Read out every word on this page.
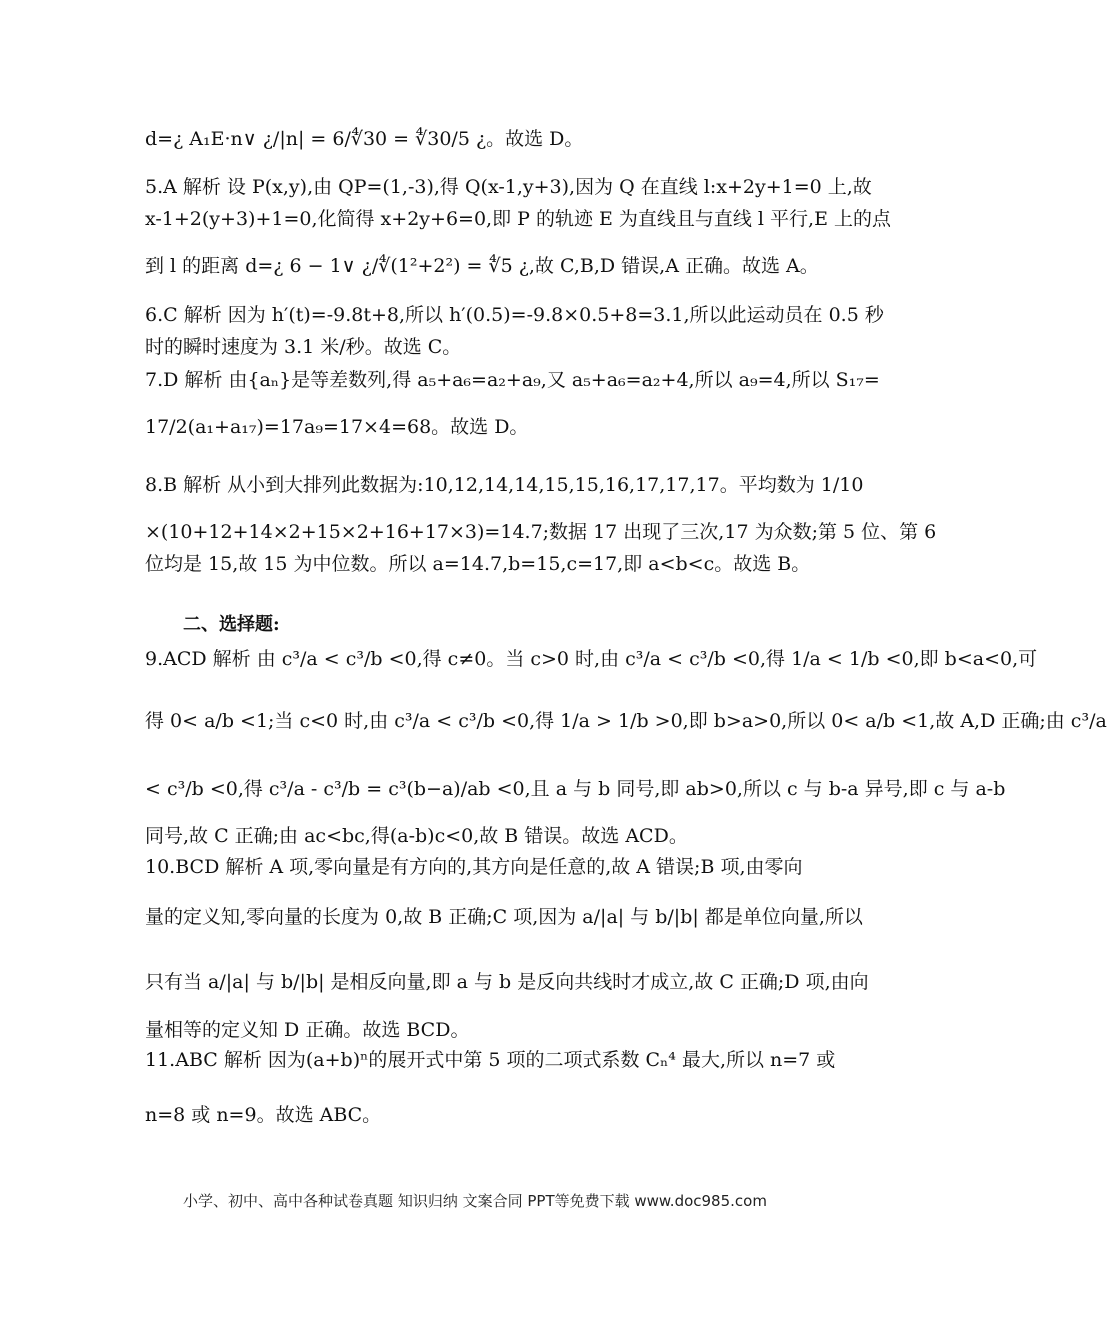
d=¿ A₁E·n∨ ¿/|n| = 6/∜30 = ∜30/5 ¿。故选 D。
5.A 解析 设 P(x,y),由 QP=(1,-3),得 Q(x-1,y+3),因为 Q 在直线 l:x+2y+1=0 上,故
x-1+2(y+3)+1=0,化简得 x+2y+6=0,即 P 的轨迹 E 为直线且与直线 l 平行,E 上的点
到 l 的距离 d=¿ 6 − 1∨ ¿/∜(1²+2²) = ∜5 ¿,故 C,B,D 错误,A 正确。故选 A。
6.C 解析 因为 h′(t)=-9.8t+8,所以 h′(0.5)=-9.8×0.5+8=3.1,所以此运动员在 0.5 秒
时的瞬时速度为 3.1 米/秒。故选 C。
7.D 解析 由{aₙ}是等差数列,得 a₅+a₆=a₂+a₉,又 a₅+a₆=a₂+4,所以 a₉=4,所以 S₁₇=
17/2(a₁+a₁₇)=17a₉=17×4=68。故选 D。
8.B 解析 从小到大排列此数据为:10,12,14,14,15,15,16,17,17,17。平均数为 1/10
×(10+12+14×2+15×2+16+17×3)=14.7;数据 17 出现了三次,17 为众数;第 5 位、第 6
位均是 15,故 15 为中位数。所以 a=14.7,b=15,c=17,即 a<b<c。故选 B。
二、选择题:
9.ACD 解析 由 c³/a < c³/b <0,得 c≠0。当 c>0 时,由 c³/a < c³/b <0,得 1/a < 1/b <0,即 b<a<0,可
得 0< a/b <1;当 c<0 时,由 c³/a < c³/b <0,得 1/a > 1/b >0,即 b>a>0,所以 0< a/b <1,故 A,D 正确;由 c³/a
< c³/b <0,得 c³/a - c³/b = c³(b−a)/ab <0,且 a 与 b 同号,即 ab>0,所以 c 与 b-a 异号,即 c 与 a-b
同号,故 C 正确;由 ac<bc,得(a-b)c<0,故 B 错误。故选 ACD。
10.BCD 解析 A 项,零向量是有方向的,其方向是任意的,故 A 错误;B 项,由零向
量的定义知,零向量的长度为 0,故 B 正确;C 项,因为 a/|a| 与 b/|b| 都是单位向量,所以
只有当 a/|a| 与 b/|b| 是相反向量,即 a 与 b 是反向共线时才成立,故 C 正确;D 项,由向
量相等的定义知 D 正确。故选 BCD。
11.ABC 解析 因为(a+b)ⁿ的展开式中第 5 项的二项式系数 Cₙ⁴ 最大,所以 n=7 或
n=8 或 n=9。故选 ABC。
小学、初中、高中各种试卷真题 知识归纳 文案合同 PPT等免费下载 www.doc985.com
